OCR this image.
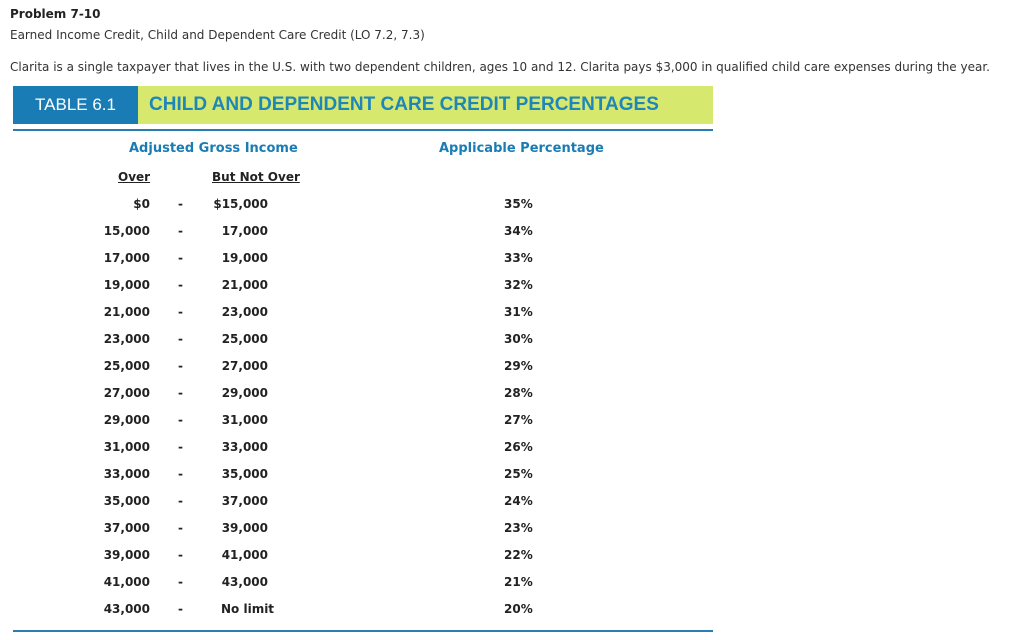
Problem 7-10
Earned Income Credit, Child and Dependent Care Credit (LO 7.2, 7.3)
Clarita is a single taxpayer that lives in the U.S. with two dependent children, ages 10 and 12. Clarita pays $3,000 in qualified child care expenses during the year.
TABLE 6.1	CHILD AND DEPENDENT CARE CREDIT PERCENTAGES
Adjusted Gross Income	Applicable Percentage
Over	But Not Over
$0 -	$15,000	35%
15,000 -	17,000	34%
17,000 -	19,000	33%
19,000 -	21,000	32%
21,000 -	23,000	31%
23,000 -	25,000	30%
25,000 -	27,000	29%
27,000 -	29,000	28%
29,000 -	31,000	27%
31,000 -	33,000	26%
33,000 -	35,000	25%
35,000 -	37,000	24%
37,000 -	39,000	23%
39,000 -	41,000	22%
41,000 -	43,000	21%
43,000 -	No limit	20%
